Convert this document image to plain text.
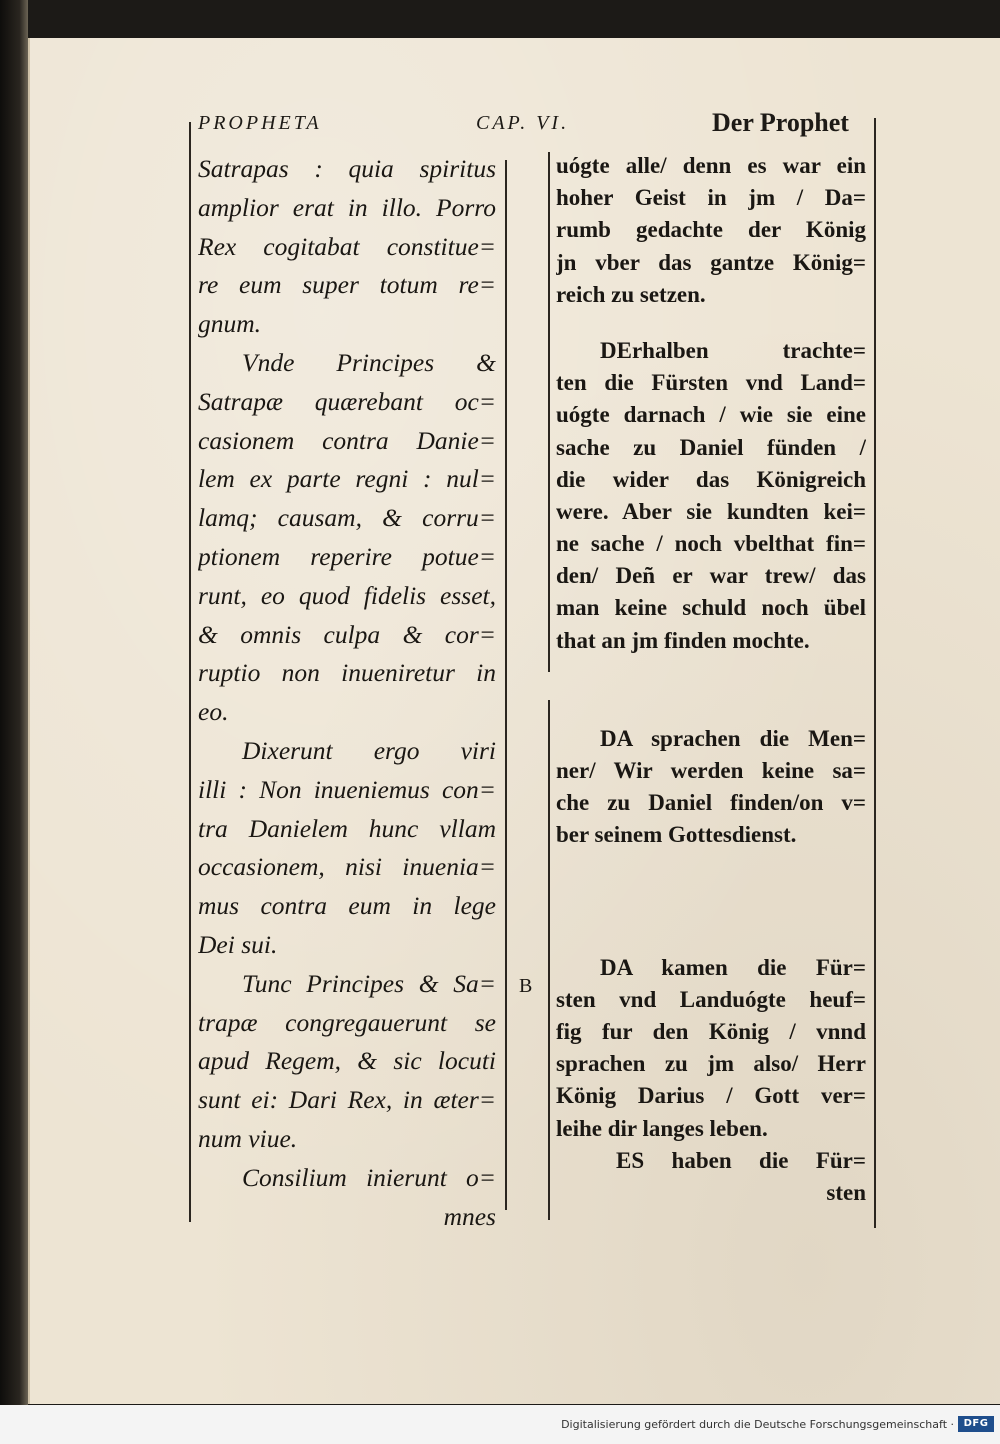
PROPHETA	CAP. VI.	Der Prophet
Satrapas : quia spiritus
amplior erat in illo. Porro
Rex cogitabat constitue=
re eum super totum re=
gnum.
Vnde Principes &
Satrapæ quærebant oc=
casionem contra Danie=
lem ex parte regni : nul=
lamq; causam, & corru=
ptionem reperire potue=
runt, eo quod fidelis esset,
& omnis culpa & cor=
ruptio non inueniretur in
eo.
Dixerunt ergo viri
illi : Non inueniemus con=
tra Danielem hunc vllam
occasionem, nisi inuenia=
mus contra eum in lege
Dei sui.
Tunc Principes & Sa=
trapæ congregauerunt se
apud Regem, & sic locuti
sunt ei: Dari Rex, in æter=
num viue.
Consilium inierunt o=
mnes
B
uógte alle/ denn es war ein
hoher Geist in jm / Da=
rumb gedachte der König
jn vber das gantze König=
reich zu setzen.
DErhalben trachte=
ten die Fürsten vnd Land=
uógte darnach / wie sie eine
sache zu Daniel fünden /
die wider das Königreich
were. Aber sie kundten kei=
ne sache / noch vbelthat fin=
den/ Deñ er war trew/ das
man keine schuld noch übel
that an jm finden mochte.
DA sprachen die Men=
ner/ Wir werden keine sa=
che zu Daniel finden/on v=
ber seinem Gottesdienst.
DA kamen die Für=
sten vnd Landuógte heuf=
fig fur den König / vnnd
sprachen zu jm also/ Herr
König Darius / Gott ver=
leihe dir langes leben.
ES haben die Für=
sten
Digitalisierung gefördert durch die Deutsche Forschungsgemeinschaft · DFG
